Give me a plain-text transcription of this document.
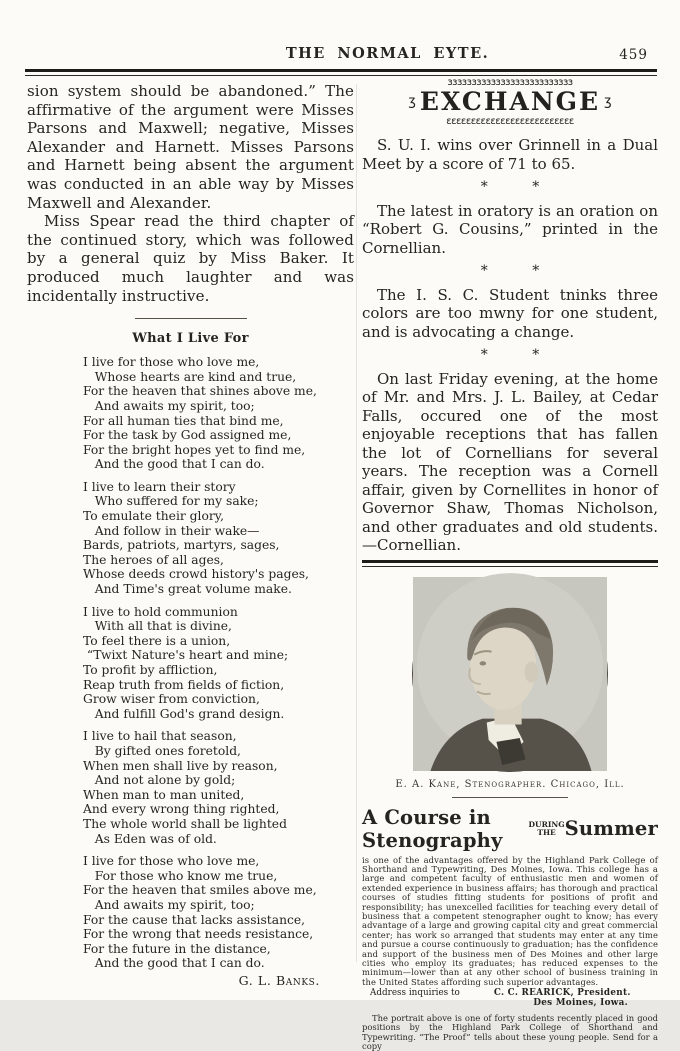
THE NORMAL EYTE.	459

sion system should be abandoned.” The affirmative of the argument were Misses Parsons and Maxwell; negative, Misses Alexander and Harnett. Misses Parsons and Harnett being absent the argument was conducted in an able way by Misses Maxwell and Alexander.

Miss Spear read the third chapter of the continued story, which was followed by a general quiz by Miss Baker. It produced much laughter and was incidentally instructive.

What I Live For
I live for those who love me,
Whose hearts are kind and true,
For the heaven that shines above me,
And awaits my spirit, too;
For all human ties that bind me,
For the task by God assigned me,
For the bright hopes yet to find me,
And the good that I can do.
I live to learn their story
Who suffered for my sake;
To emulate their glory,
And follow in their wake—
Bards, patriots, martyrs, sages,
The heroes of all ages,
Whose deeds crowd history's pages,
And Time's great volume make.
I live to hold communion
With all that is divine,
To feel there is a union,
“Twixt Nature's heart and mine;
To profit by affliction,
Reap truth from fields of fiction,
Grow wiser from conviction,
And fulfill God's grand design.
I live to hail that season,
By gifted ones foretold,
When men shall live by reason,
And not alone by gold;
When man to man united,
And every wrong thing righted,
The whole world shall be lighted
As Eden was of old.
I live for those who love me,
For those who know me true,
For the heaven that smiles above me,
And awaits my spirit, too;
For the cause that lacks assistance,
For the wrong that needs resistance,
For the future in the distance,
And the good that I can do.
G. L. Banks.
ɜɜɜɜɜɜɜɜɜɜɜɜɜɜɜɜɜɜɜɜɜɜɜɜɜɜ
ʒ EXCHANGE ʒ
ɛɛɛɛɛɛɛɛɛɛɛɛɛɛɛɛɛɛɛɛɛɛɛɛɛɛ

S. U. I. wins over Grinnell in a Dual Meet by a score of 71 to 65.

*          *

The latest in oratory is an oration on “Robert G. Cousins,” printed in the Cornellian.

*          *

The I. S. C. Student tninks three colors are too mwny for one student, and is advocating a change.

*          *

On last Friday evening, at the home of Mr. and Mrs. J. L. Bailey, at Cedar Falls, occured one of the most enjoyable receptions that has fallen the lot of Cornellians for several years. The reception was a Cornell affair, given by Cornellites in honor of Governor Shaw, Thomas Nicholson, and other graduates and old students.—Cornellian.

E. A. Kane, Stenographer. Chicago, Ill.
A Course in Stenography
DURING
THE Summer
is one of the advantages offered by the Highland Park College of Shorthand and Typewriting, Des Moines, Iowa. This college has a large and competent faculty of enthusiastic men and women of extended experience in business affairs; has thorough and practical courses of studies fitting students for positions of profit and responsibility; has unexcelled facilities for teaching every detail of business that a competent stenographer ought to know; has every advantage of a large and growing capital city and great commercial center; has work so arranged that students may enter at any time and pursue a course continuously to graduation; has the confidence and support of the business men of Des Moines and other large cities who employ its graduates; has reduced expenses to the minimum—lower than at any other school of business training in the United States affording such superior advantages.
Address inquiries to	C. C. REARICK, President.
Des Moines, Iowa.
The portrait above is one of forty students recently placed in good positions by the Highland Park College of Shorthand and Typewriting. “The Proof” tells about these young people. Send for a copy
